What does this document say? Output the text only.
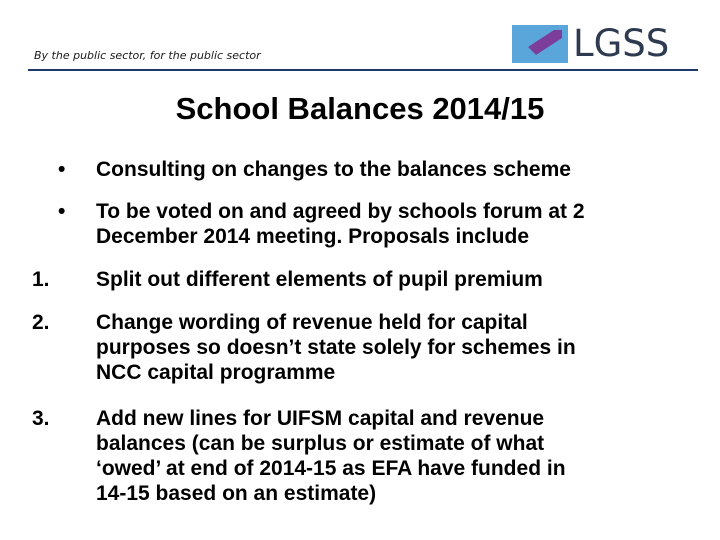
By the public sector, for the public sector	LGSS
School Balances 2014/15
• Consulting on changes to the balances scheme
• To be voted on and agreed by schools forum at 2
December 2014 meeting. Proposals include
1. Split out different elements of pupil premium
2. Change wording of revenue held for capital
purposes so doesn’t state solely for schemes in
NCC capital programme
3. Add new lines for UIFSM capital and revenue
balances (can be surplus or estimate of what
‘owed’ at end of 2014-15 as EFA have funded in
14-15 based on an estimate)
